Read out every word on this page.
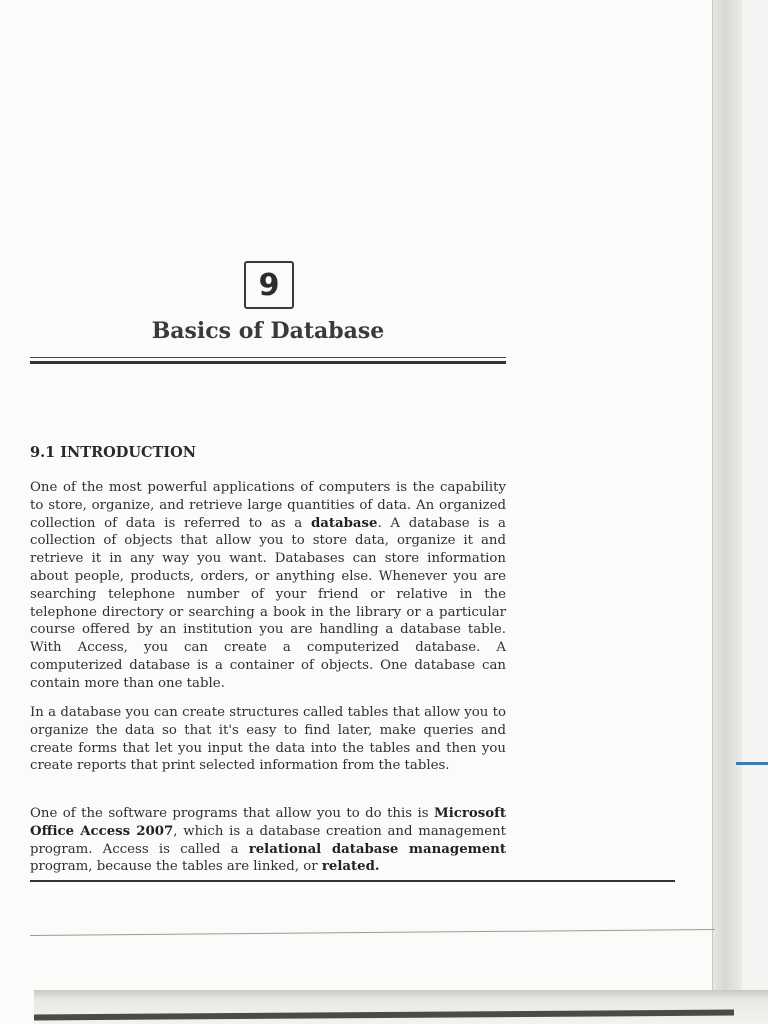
9
Basics of Database
9.1 INTRODUCTION

One of the most powerful applications of computers is the capability to store, organize, and retrieve large quantities of data. An organized collection of data is referred to as a database. A database is a collection of objects that allow you to store data, organize it and retrieve it in any way you want. Databases can store information about people, products, orders, or anything else. Whenever you are searching telephone number of your friend or relative in the telephone directory or searching a book in the library or a particular course offered by an institution you are handling a database table. With Access, you can create a computerized database. A computerized database is a container of objects. One database can contain more than one table.

In a database you can create structures called tables that allow you to organize the data so that it's easy to find later, make queries and create forms that let you input the data into the tables and then you create reports that print selected information from the tables.

One of the software programs that allow you to do this is Microsoft Office Access 2007, which is a database creation and management program. Access is called a relational database management program, because the tables are linked, or related.
